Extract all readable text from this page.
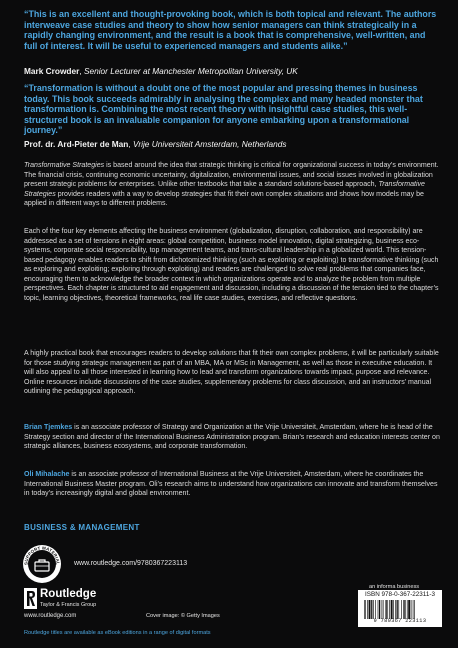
“This is an excellent and thought-provoking book, which is both topical and relevant. The authors interweave case studies and theory to show how senior managers can think strategically in a rapidly changing environment, and the result is a book that is comprehensive, well-written, and full of interest. It will be useful to experienced managers and students alike.”

Mark Crowder, Senior Lecturer at Manchester Metropolitan University, UK

“Transformation is without a doubt one of the most popular and pressing themes in business today. This book succeeds admirably in analysing the complex and many headed monster that transformation is. Combining the most recent theory with insightful case studies, this well-structured book is an invaluable companion for anyone embarking upon a transformational journey.”

Prof. dr. Ard-Pieter de Man, Vrije Universiteit Amsterdam, Netherlands

Transformative Strategies is based around the idea that strategic thinking is critical for organizational success in today’s environment. The financial crisis, continuing economic uncertainty, digitalization, environmental issues, and social issues involved in globalization present strategic problems for enterprises. Unlike other textbooks that take a standard solutions-based approach, Transformative Strategies provides readers with a way to develop strategies that fit their own complex situations and shows how models may be applied in different ways to different problems.

Each of the four key elements affecting the business environment (globalization, disruption, collaboration, and responsibility) are addressed as a set of tensions in eight areas: global competition, business model innovation, digital strategizing, business eco-systems, corporate social responsibility, top management teams, and trans-cultural leadership in a globalized world. This tension-based pedagogy enables readers to shift from dichotomized thinking (such as exploring or exploiting) to transformative thinking (such as exploring and exploiting; exploring through exploiting) and readers are challenged to solve real problems that companies face, encouraging them to acknowledge the broader context in which organizations operate and to analyze the problem from multiple perspectives. Each chapter is structured to aid engagement and discussion, including a discussion of the tension tied to the chapter’s topic, learning objectives, theoretical frameworks, real life case studies, exercises, and reflective questions.

A highly practical book that encourages readers to develop solutions that fit their own complex problems, it will be particularly suitable for those studying strategic management as part of an MBA, MA or MSc in Management, as well as those in executive education. It will also appeal to all those interested in learning how to lead and transform organizations towards impact, purpose and relevance. Online resources include discussions of the case studies, supplementary problems for class discussion, and an instructors’ manual outlining the pedagogical approach.

Brian Tjemkes is an associate professor of Strategy and Organization at the Vrije Universiteit, Amsterdam, where he is head of the Strategy section and director of the International Business Administration program. Brian’s research and education interests center on strategic alliances, business ecosystems, and corporate transformation.

Oli Mihalache is an associate professor of International Business at the Vrije Universiteit, Amsterdam, where he coordinates the International Business Master program. Oli’s research aims to understand how organizations can innovate and transform themselves in today’s increasingly digital and global environment.

BUSINESS & MANAGEMENT

SUPPORT MATERIAL www.routledge.com/9780367223113

Routledge

Taylor & Francis Group

www.routledge.com	Cover image: © Getty Images

an informa business

ISBN 978-0-367-22311-3

9 780367 223113

Routledge titles are available as eBook editions in a range of digital formats
